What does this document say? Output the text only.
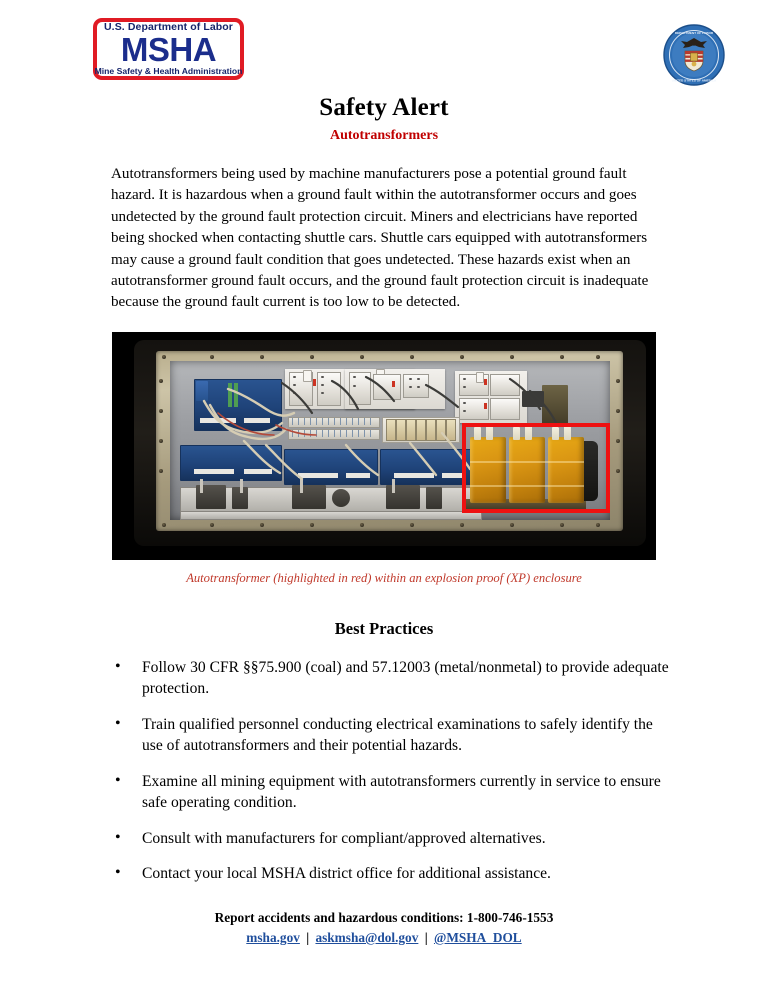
U.S. Department of Labor
MSHA
Mine Safety & Health Administration
DEPARTMENT OF LABOR
UNITED STATES OF AMERICA
Safety Alert
Autotransformers
Autotransformers being used by machine manufacturers pose a potential ground fault hazard. It is hazardous when a ground fault within the autotransformer occurs and goes undetected by the ground fault protection circuit. Miners and electricians have reported being shocked when contacting shuttle cars. Shuttle cars equipped with autotransformers may cause a ground fault condition that goes undetected. These hazards exist when an autotransformer ground fault occurs, and the ground fault protection circuit is inadequate because the ground fault current is too low to be detected.
Autotransformer (highlighted in red) within an explosion proof (XP) enclosure
Best Practices
• Follow 30 CFR §§75.900 (coal) and 57.12003 (metal/nonmetal) to provide adequate protection.
• Train qualified personnel conducting electrical examinations to safely identify the use of autotransformers and their potential hazards.
• Examine all mining equipment with autotransformers currently in service to ensure safe operating condition.
• Consult with manufacturers for compliant/approved alternatives.
• Contact your local MSHA district office for additional assistance.
Report accidents and hazardous conditions: 1-800-746-1553
msha.gov | askmsha@dol.gov | @MSHA_DOL
